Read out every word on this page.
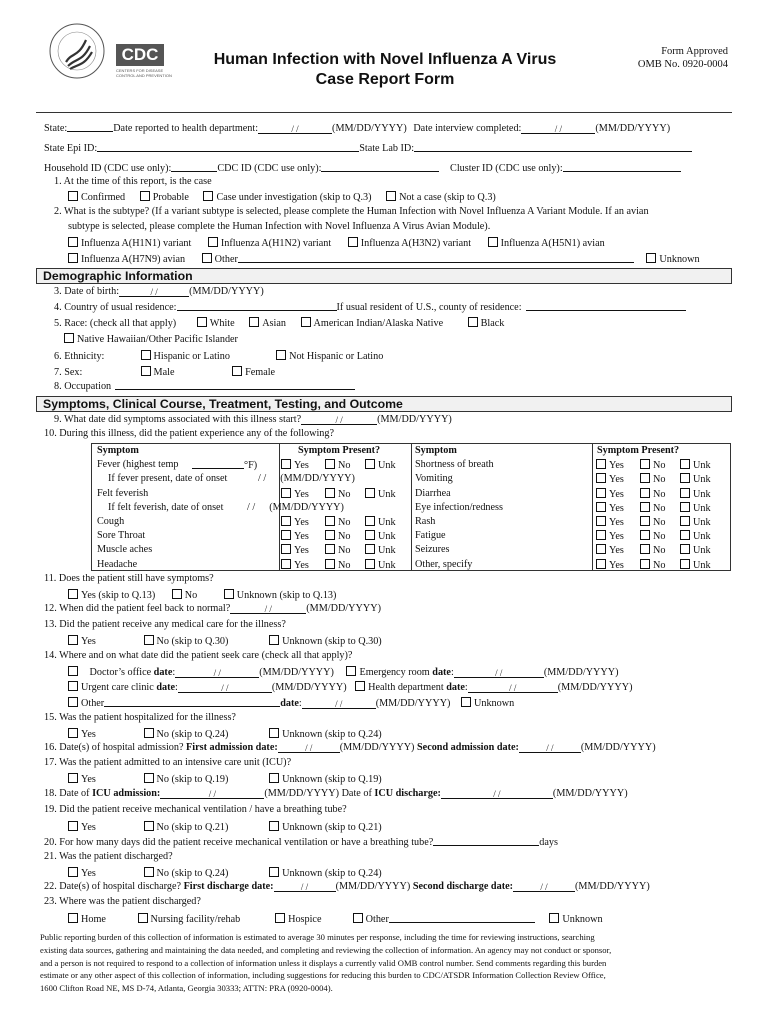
CDC
CENTERS FOR DISEASE
CONTROL AND PREVENTION
Human Infection with Novel Influenza A Virus
Case Report Form
Form Approved
OMB No. 0920-0004
State:	Date reported to health department:	/ /	(MM/DD/YYYY) Date interview completed:	/ /	(MM/DD/YYYY)
State Epi ID:	State Lab ID:
Household ID (CDC use only):	CDC ID (CDC use only):	Cluster ID (CDC use only):
1. At the time of this report, is the case
Confirmed	Probable	Case under investigation (skip to Q.3)	Not a case (skip to Q.3)
2. What is the subtype? (If a variant subtype is selected, please complete the Human Infection with Novel Influenza A Variant Module. If an avian
subtype is selected, please complete the Human Infection with Novel Influenza A Virus Avian Module).
Influenza A(H1N1) variant	Influenza A(H1N2) variant	Influenza A(H3N2) variant	Influenza A(H5N1) avian
Influenza A(H7N9) avian	Other	Unknown
Demographic Information
3. Date of birth:	/ /	(MM/DD/YYYY)
4. Country of usual residence:	If usual resident of U.S., county of residence:
5. Race: (check all that apply)	White	Asian	American Indian/Alaska Native	Black
Native Hawaiian/Other Pacific Islander
6. Ethnicity:	Hispanic or Latino	Not Hispanic or Latino
7. Sex:	Male	Female
8. Occupation
Symptoms, Clinical Course, Treatment, Testing, and Outcome
9. What date did symptoms associated with this illness start?	/ /	(MM/DD/YYYY)
10. During this illness, did the patient experience any of the following?
Symptom	Symptom Present?	Symptom	Symptom Present?
Fever (highest temp	°F)	Yes	No	Unk Shortness of breath	Yes	No	Unk
If fever present, date of onset	/ / (MM/DD/YYYY)	Vomiting	Yes	No	Unk
Felt feverish	Yes	No	Unk Diarrhea	Yes	No	Unk
If felt feverish, date of onset / / (MM/DD/YYYY)	Eye infection/redness	Yes	No	Unk
Cough	Yes	No	Unk Rash	Yes	No	Unk
Sore Throat	Yes	No	Unk Fatigue	Yes	No	Unk
Muscle aches	Yes	No	Unk Seizures	Yes	No	Unk
Headache	Yes	No	Unk Other, specify	Yes	No	Unk
11. Does the patient still have symptoms?
Yes (skip to Q.13)	No	Unknown (skip to Q.13)
12. When did the patient feel back to normal?	/ /	(MM/DD/YYYY)
13. Did the patient receive any medical care for the illness?
Yes	No (skip to Q.30)	Unknown (skip to Q.30)
14. Where and on what date did the patient seek care (check all that apply)?
Doctor’s office date:	/ /	(MM/DD/YYYY)	Emergency room date:	/ /	(MM/DD/YYYY)
Urgent care clinic date:	/ /	(MM/DD/YYYY) Health department date:	/ /	(MM/DD/YYYY)
Other	date:	/ /	(MM/DD/YYYY) Unknown
15. Was the patient hospitalized for the illness?
Yes	No (skip to Q.24)	Unknown (skip to Q.24)
16. Date(s) of hospital admission? First admission date:	/ /	(MM/DD/YYYY) Second admission date:	/ /	(MM/DD/YYYY)
17. Was the patient admitted to an intensive care unit (ICU)?
Yes	No (skip to Q.19)	Unknown (skip to Q.19)
18. Date of ICU admission:	/ /	(MM/DD/YYYY) Date of ICU discharge:	/ /	(MM/DD/YYYY)
19. Did the patient receive mechanical ventilation / have a breathing tube?
Yes	No (skip to Q.21)	Unknown (skip to Q.21)
20. For how many days did the patient receive mechanical ventilation or have a breathing tube?	days
21. Was the patient discharged?
Yes	No (skip to Q.24)	Unknown (skip to Q.24)
22. Date(s) of hospital discharge? First discharge date:	/ /	(MM/DD/YYYY) Second discharge date:	/ /	(MM/DD/YYYY)
23. Where was the patient discharged?
Home	Nursing facility/rehab	Hospice	Other	Unknown
Public reporting burden of this collection of information is estimated to average 30 minutes per response, including the time for reviewing instructions, searching
existing data sources, gathering and maintaining the data needed, and completing and reviewing the collection of information. An agency may not conduct or sponsor,
and a person is not required to respond to a collection of information unless it displays a currently valid OMB control number. Send comments regarding this burden
estimate or any other aspect of this collection of information, including suggestions for reducing this burden to CDC/ATSDR Information Collection Review Office,
1600 Clifton Road NE, MS D-74, Atlanta, Georgia 30333; ATTN: PRA (0920-0004).
